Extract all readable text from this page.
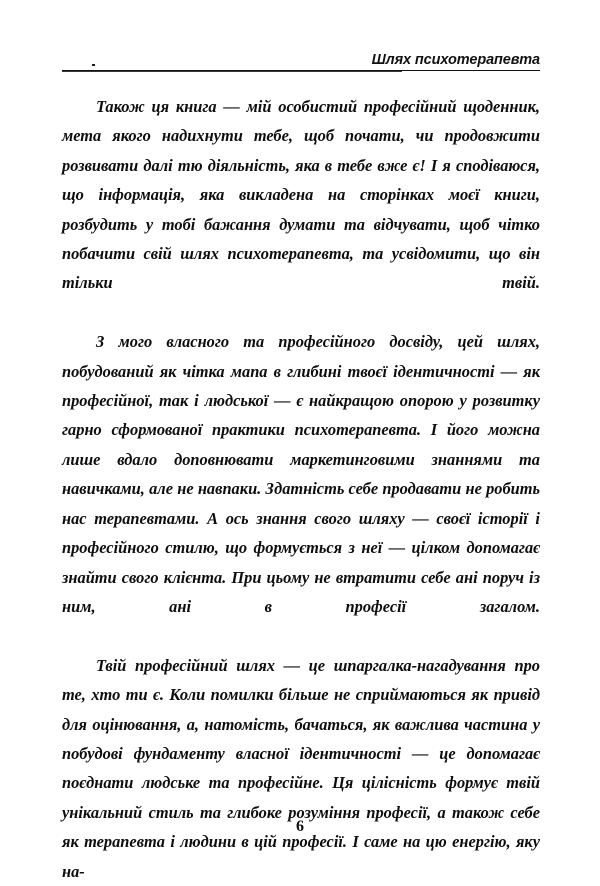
Шлях психотерапевта

Також ця книга — мій особистий професійний щоденник, мета якого надихнути тебе, щоб почати, чи продовжити розвивати далі тю діяльність, яка в тебе вже є! І я сподіваюся, що інформація, яка викладена на сторінках моєї книги, розбудить у тобі бажання думати та відчувати, щоб чітко побачити свій шлях психотерапевта, та усвідомити, що він тільки твій.

З мого власного та професійного досвіду, цей шлях, побудований як чітка мапа в глибині твоєї ідентичності — як професійної, так і людської — є найкращою опорою у розвитку гарно сформованої практики психотерапевта. І його можна лише вдало доповнювати маркетинговими знаннями та навичками, але не навпаки. Здатність себе продавати не робить нас терапевтами. А ось знання свого шляху — своєї історії і професійного стилю, що формується з неї — цілком допомагає знайти свого клієнта. При цьому не втратити себе ані поруч із ним, ані в професії загалом.

Твій професійний шлях — це шпаргалка-нагадування про те, хто ти є. Коли помилки більше не сприймаються як привід для оцінювання, а, натомість, бачаться, як важлива частина у побудові фундаменту власної ідентичності — це допомагає поєднати людське та професійне. Ця цілісність формує твій унікальний стиль та глибоке розуміння професії, а також себе як терапевта і людини в цій професії. І саме на цю енергію, яку на-

6
